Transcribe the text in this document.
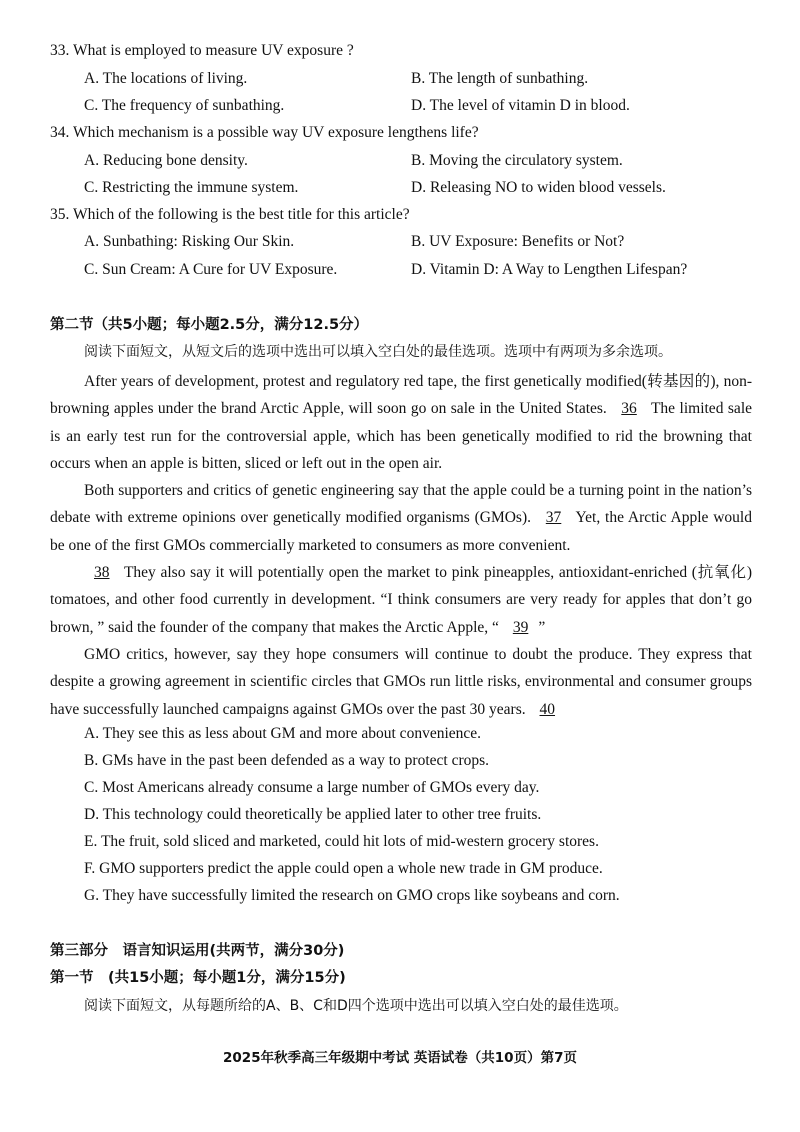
33. What is employed to measure UV exposure ?
A. The locations of living.	B. The length of sunbathing.
C. The frequency of sunbathing.	D. The level of vitamin D in blood.
34. Which mechanism is a possible way UV exposure lengthens life?
A. Reducing bone density.	B. Moving the circulatory system.
C. Restricting the immune system.	D. Releasing NO to widen blood vessels.
35. Which of the following is the best title for this article?
A. Sunbathing: Risking Our Skin.	B. UV Exposure: Benefits or Not?
C. Sun Cream: A Cure for UV Exposure.	D. Vitamin D: A Way to Lengthen Lifespan?
第二节（共5小题；每小题2.5分，满分12.5分）
阅读下面短文，从短文后的选项中选出可以填入空白处的最佳选项。选项中有两项为多余选项。
After years of development, protest and regulatory red tape, the first genetically modified(转基因的), non-browning apples under the brand Arctic Apple, will soon go on sale in the United States. 36 The limited sale is an early test run for the controversial apple, which has been genetically modified to rid the browning that occurs when an apple is bitten, sliced or left out in the open air.
Both supporters and critics of genetic engineering say that the apple could be a turning point in the nation’s debate with extreme opinions over genetically modified organisms (GMOs). 37 Yet, the Arctic Apple would be one of the first GMOs commercially marketed to consumers as more convenient.
38 They also say it will potentially open the market to pink pineapples, antioxidant-enriched (抗氧化) tomatoes, and other food currently in development. “I think consumers are very ready for apples that don’t go brown, ” said the founder of the company that makes the Arctic Apple, “ 39 ”
GMO critics, however, say they hope consumers will continue to doubt the produce. They express that despite a growing agreement in scientific circles that GMOs run little risks, environmental and consumer groups have successfully launched campaigns against GMOs over the past 30 years. 40
A. They see this as less about GM and more about convenience.
B. GMs have in the past been defended as a way to protect crops.
C. Most Americans already consume a large number of GMOs every day.
D. This technology could theoretically be applied later to other tree fruits.
E. The fruit, sold sliced and marketed, could hit lots of mid-western grocery stores.
F. GMO supporters predict the apple could open a whole new trade in GM produce.
G. They have successfully limited the research on GMO crops like soybeans and corn.
第三部分　语言知识运用(共两节，满分30分)
第一节　(共15小题；每小题1分，满分15分)
阅读下面短文，从每题所给的A、B、C和D四个选项中选出可以填入空白处的最佳选项。
2025年秋季高三年级期中考试 英语试卷（共10页）第7页
